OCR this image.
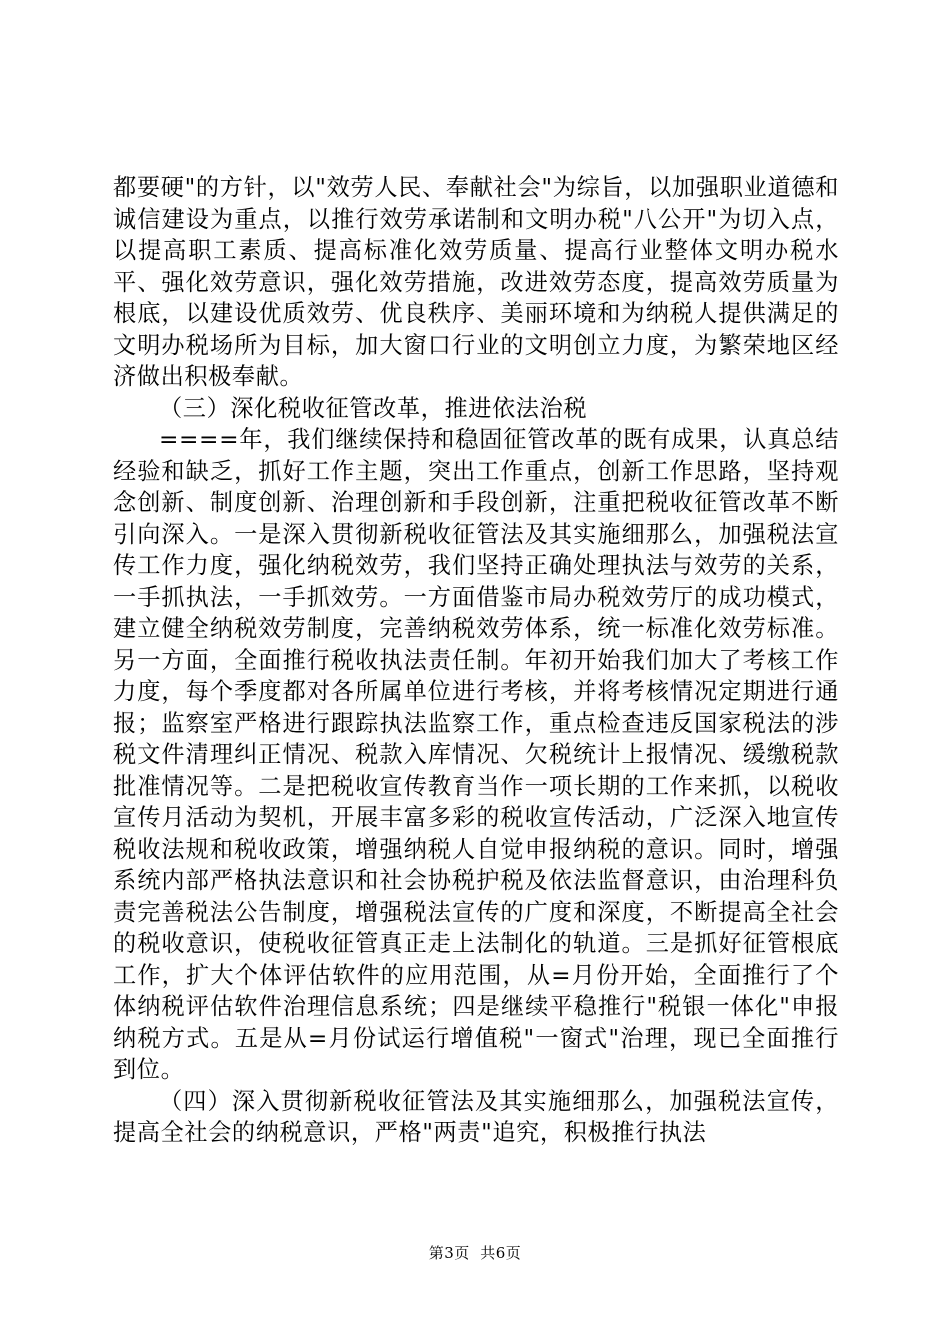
都要硬"的方针，以"效劳人民、奉献社会"为综旨，以加强职业道德和诚信建设为重点，以推行效劳承诺制和文明办税"八公开"为切入点，以提高职工素质、提高标准化效劳质量、提高行业整体文明办税水平、强化效劳意识，强化效劳措施，改进效劳态度，提高效劳质量为根底，以建设优质效劳、优良秩序、美丽环境和为纳税人提供满足的文明办税场所为目标，加大窗口行业的文明创立力度，为繁荣地区经济做出积极奉献。

（三）深化税收征管改革，推进依法治税

====年，我们继续保持和稳固征管改革的既有成果，认真总结经验和缺乏，抓好工作主题，突出工作重点，创新工作思路，坚持观念创新、制度创新、治理创新和手段创新，注重把税收征管改革不断引向深入。一是深入贯彻新税收征管法及其实施细那么，加强税法宣传工作力度，强化纳税效劳，我们坚持正确处理执法与效劳的关系，一手抓执法，一手抓效劳。一方面借鉴市局办税效劳厅的成功模式，建立健全纳税效劳制度，完善纳税效劳体系，统一标准化效劳标准。另一方面，全面推行税收执法责任制。年初开始我们加大了考核工作力度，每个季度都对各所属单位进行考核，并将考核情况定期进行通报；监察室严格进行跟踪执法监察工作，重点检查违反国家税法的涉税文件清理纠正情况、税款入库情况、欠税统计上报情况、缓缴税款批准情况等。二是把税收宣传教育当作一项长期的工作来抓，以税收宣传月活动为契机，开展丰富多彩的税收宣传活动，广泛深入地宣传税收法规和税收政策，增强纳税人自觉申报纳税的意识。同时，增强系统内部严格执法意识和社会协税护税及依法监督意识，由治理科负责完善税法公告制度，增强税法宣传的广度和深度，不断提高全社会的税收意识，使税收征管真正走上法制化的轨道。三是抓好征管根底工作，扩大个体评估软件的应用范围，从=月份开始，全面推行了个体纳税评估软件治理信息系统；四是继续平稳推行"税银一体化"申报纳税方式。五是从=月份试运行增值税"一窗式"治理，现已全面推行到位。

（四）深入贯彻新税收征管法及其实施细那么，加强税法宣传，提高全社会的纳税意识，严格"两责"追究，积极推行执法

第3页  共6页
